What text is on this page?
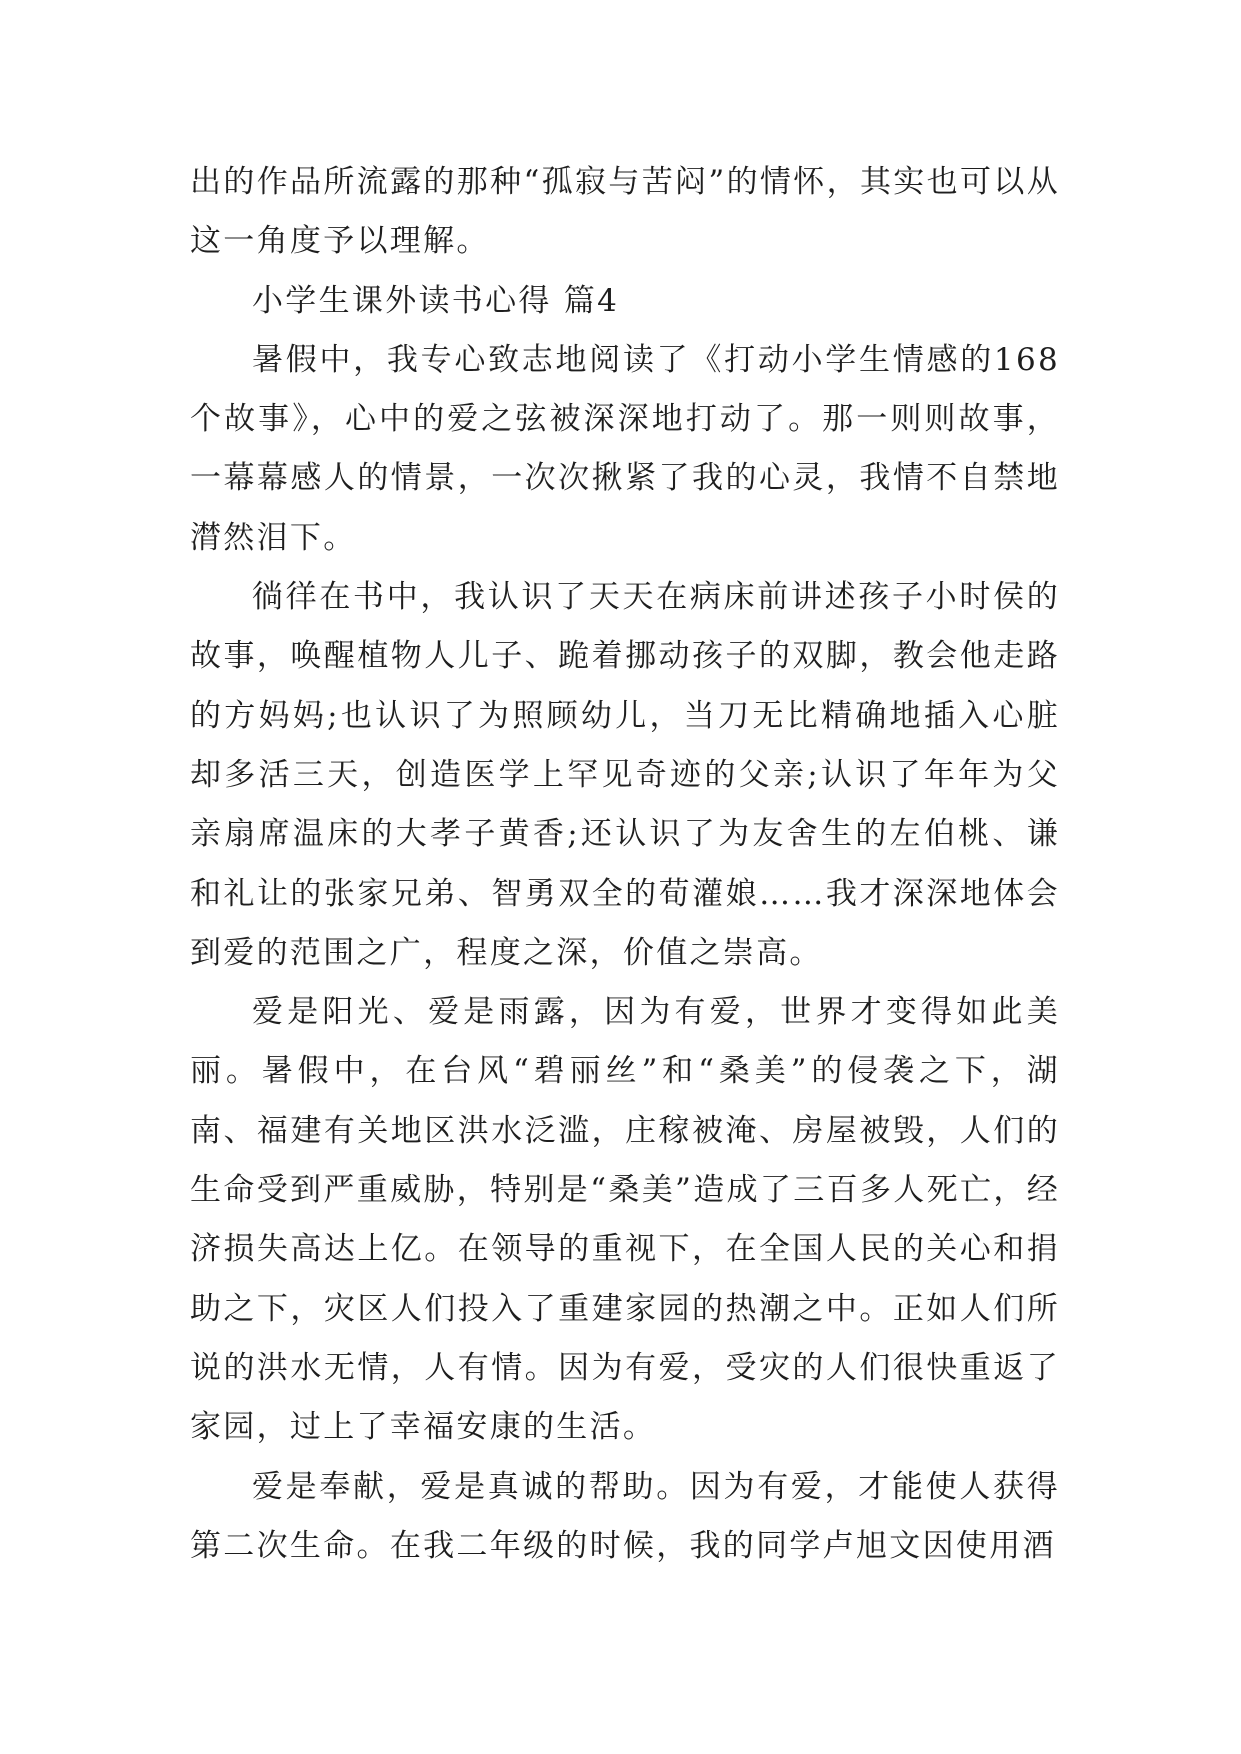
出的作品所流露的那种“孤寂与苦闷”的情怀，其实也可以从这一角度予以理解。

小学生课外读书心得 篇4

暑假中，我专心致志地阅读了《打动小学生情感的168个故事》，心中的爱之弦被深深地打动了。那一则则故事，一幕幕感人的情景，一次次揪紧了我的心灵，我情不自禁地潸然泪下。

徜徉在书中，我认识了天天在病床前讲述孩子小时侯的故事，唤醒植物人儿子、跪着挪动孩子的双脚，教会他走路的方妈妈;也认识了为照顾幼儿，当刀无比精确地插入心脏却多活三天，创造医学上罕见奇迹的父亲;认识了年年为父亲扇席温床的大孝子黄香;还认识了为友舍生的左伯桃、谦和礼让的张家兄弟、智勇双全的荀灌娘……我才深深地体会到爱的范围之广，程度之深，价值之崇高。

爱是阳光、爱是雨露，因为有爱，世界才变得如此美丽。暑假中，在台风“碧丽丝”和“桑美”的侵袭之下，湖南、福建有关地区洪水泛滥，庄稼被淹、房屋被毁，人们的生命受到严重威胁，特别是“桑美”造成了三百多人死亡，经济损失高达上亿。在领导的重视下，在全国人民的关心和捐助之下，灾区人们投入了重建家园的热潮之中。正如人们所说的洪水无情，人有情。因为有爱，受灾的人们很快重返了家园，过上了幸福安康的生活。

爱是奉献，爱是真诚的帮助。因为有爱，才能使人获得第二次生命。在我二年级的时候，我的同学卢旭文因使用酒
